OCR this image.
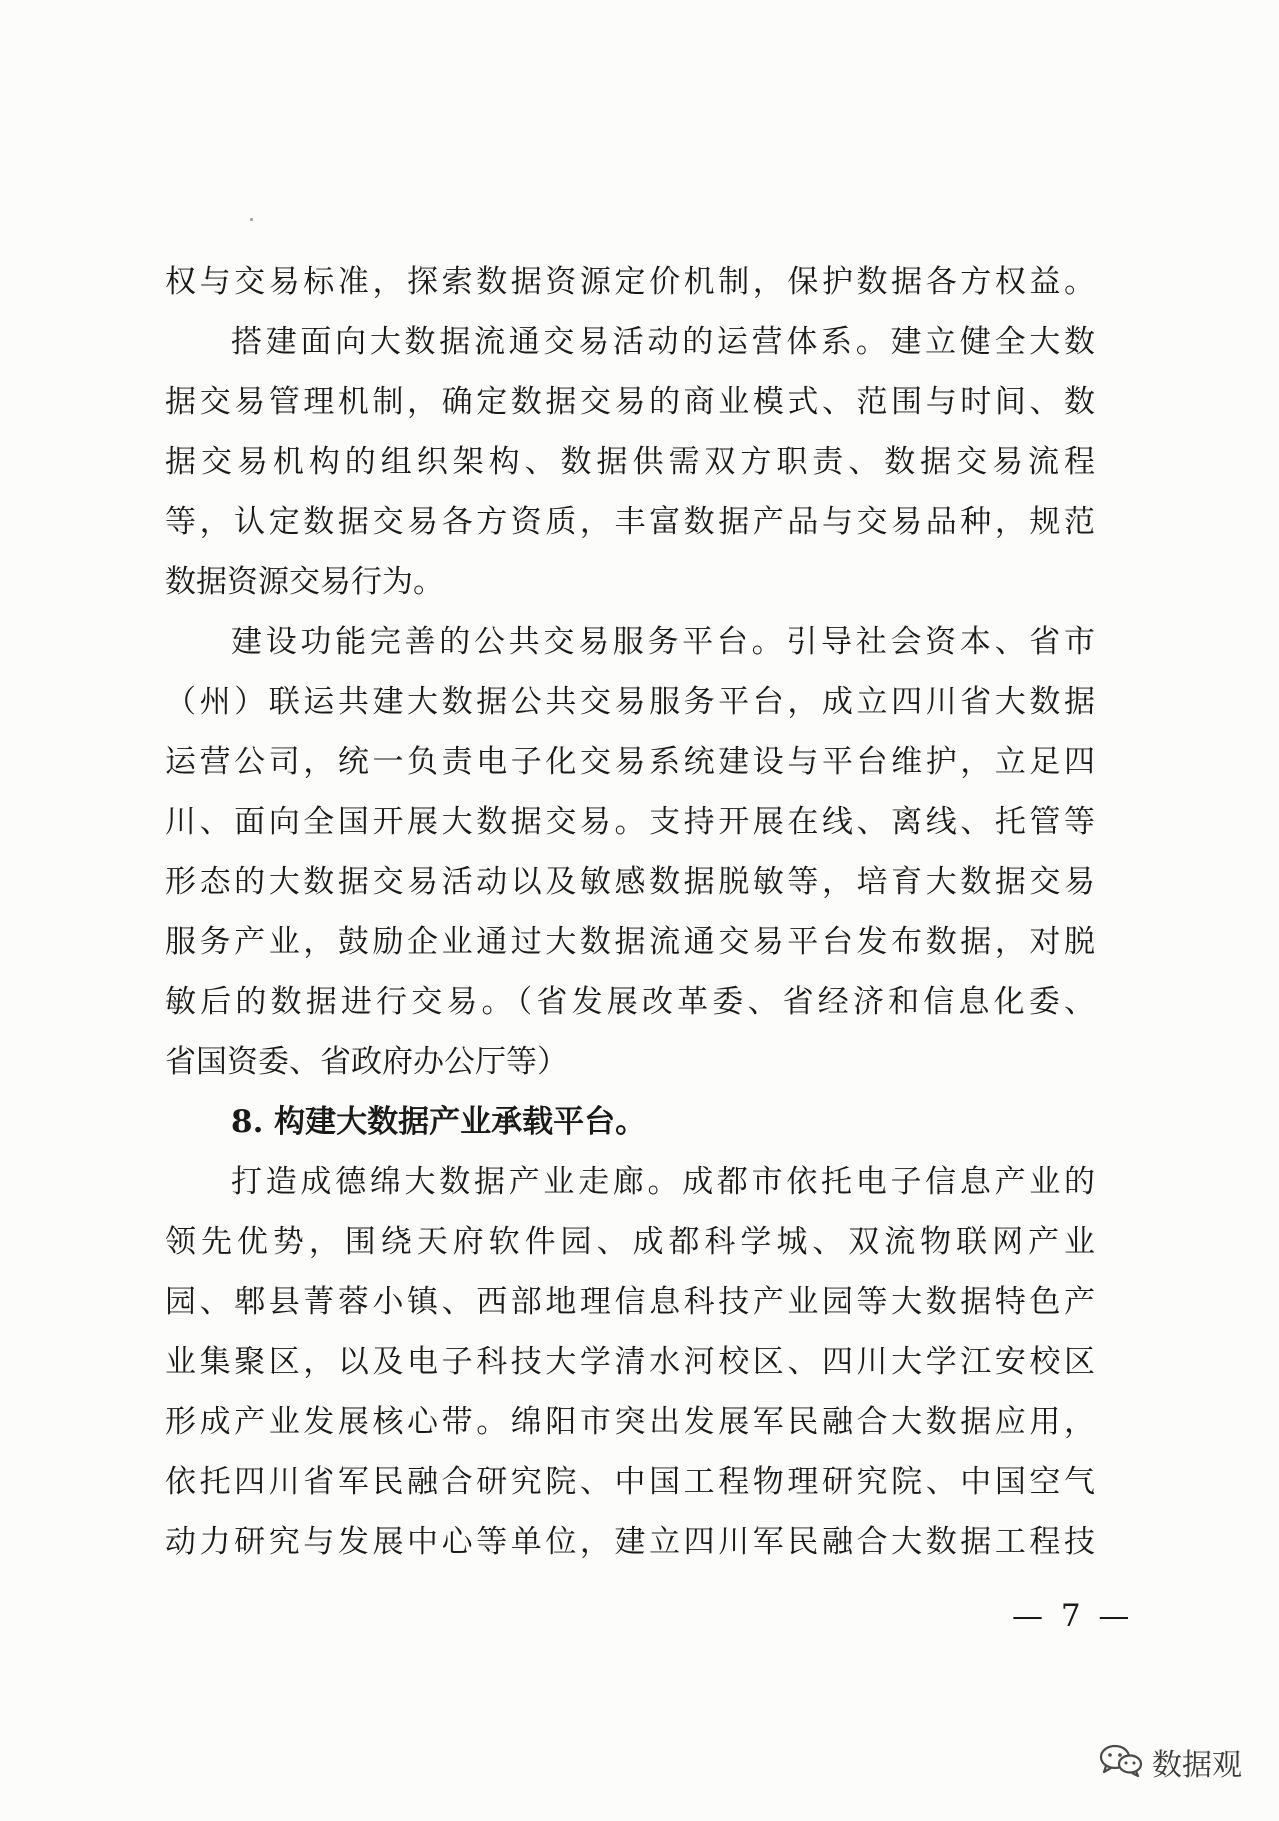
权与交易标准，探索数据资源定价机制，保护数据各方权益。
搭建面向大数据流通交易活动的运营体系。建立健全大数
据交易管理机制，确定数据交易的商业模式、范围与时间、数
据交易机构的组织架构、数据供需双方职责、数据交易流程
等，认定数据交易各方资质，丰富数据产品与交易品种，规范
数据资源交易行为。
建设功能完善的公共交易服务平台。引导社会资本、省市
（州）联运共建大数据公共交易服务平台，成立四川省大数据
运营公司，统一负责电子化交易系统建设与平台维护，立足四
川、面向全国开展大数据交易。支持开展在线、离线、托管等
形态的大数据交易活动以及敏感数据脱敏等，培育大数据交易
服务产业，鼓励企业通过大数据流通交易平台发布数据，对脱
敏后的数据进行交易。（省发展改革委、省经济和信息化委、
省国资委、省政府办公厅等）
8. 构建大数据产业承载平台。
打造成德绵大数据产业走廊。成都市依托电子信息产业的
领先优势，围绕天府软件园、成都科学城、双流物联网产业
园、郫县菁蓉小镇、西部地理信息科技产业园等大数据特色产
业集聚区，以及电子科技大学清水河校区、四川大学江安校区
形成产业发展核心带。绵阳市突出发展军民融合大数据应用，
依托四川省军民融合研究院、中国工程物理研究院、中国空气
动力研究与发展中心等单位，建立四川军民融合大数据工程技
— 7 —
数据观
